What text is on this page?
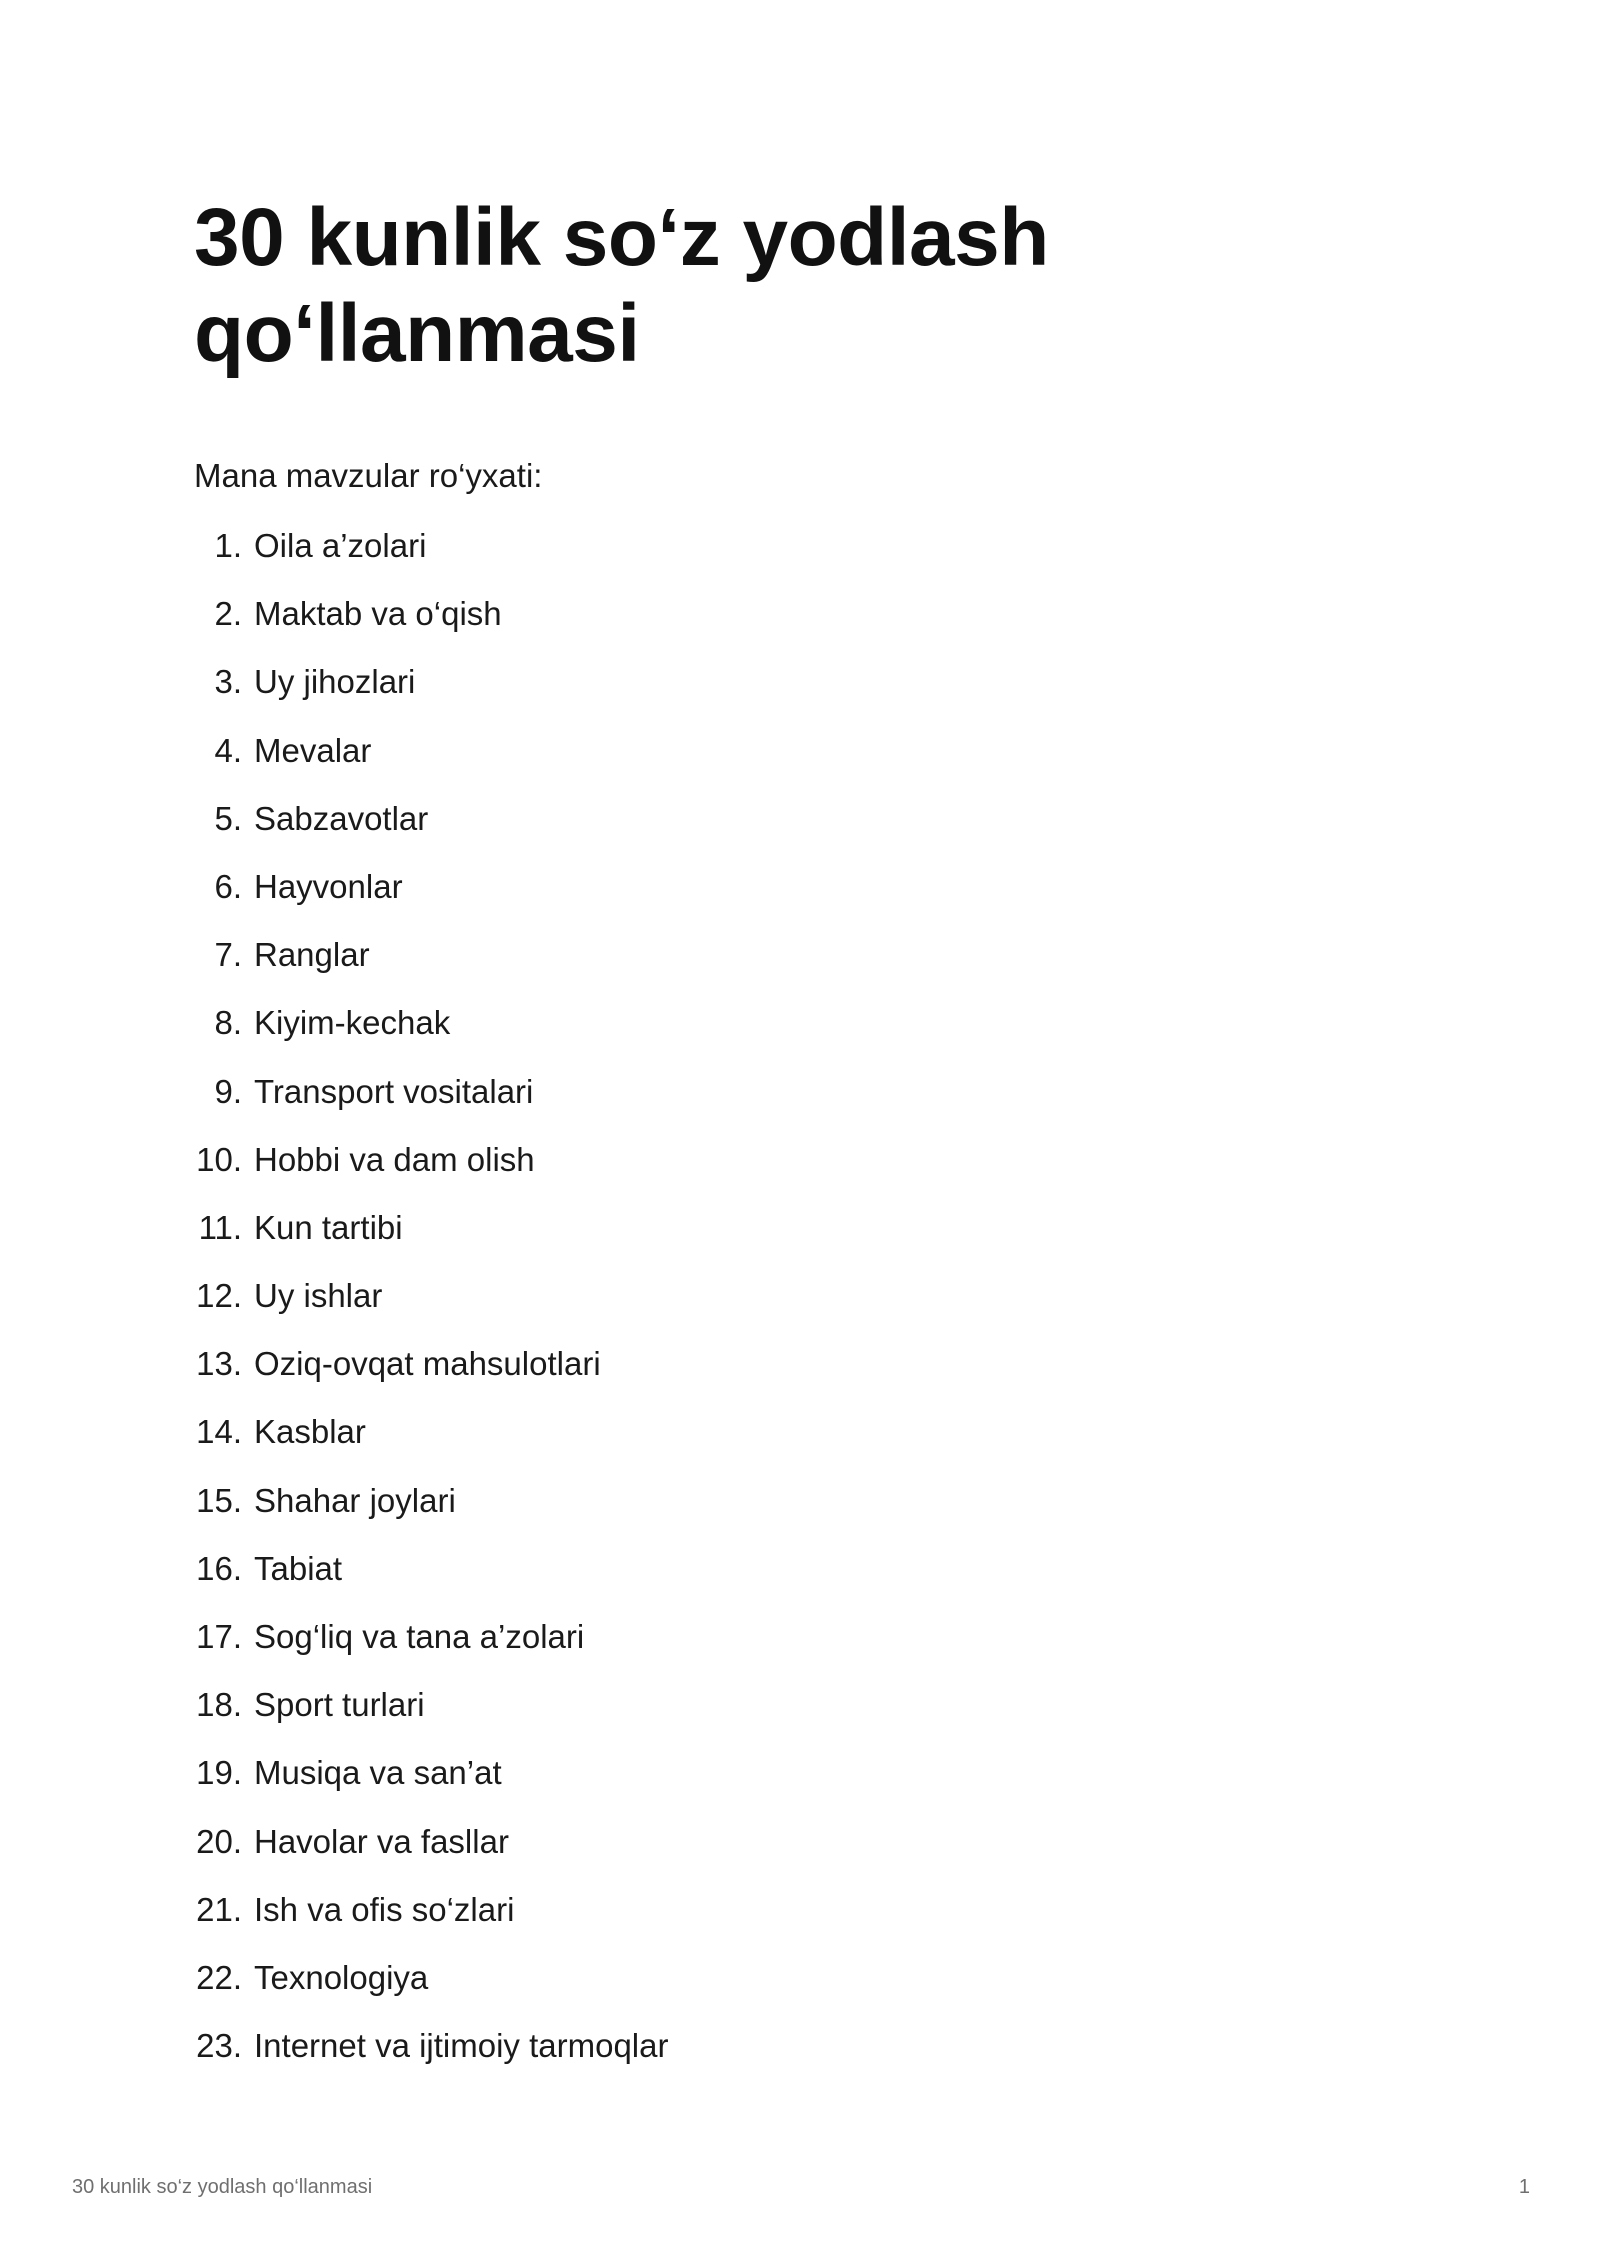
30 kunlik so‘z yodlash qo‘llanmasi
Mana mavzular ro‘yxati:
1. Oila a’zolari
2. Maktab va o‘qish
3. Uy jihozlari
4. Mevalar
5. Sabzavotlar
6. Hayvonlar
7. Ranglar
8. Kiyim-kechak
9. Transport vositalari
10. Hobbi va dam olish
11. Kun tartibi
12. Uy ishlar
13. Oziq-ovqat mahsulotlari
14. Kasblar
15. Shahar joylari
16. Tabiat
17. Sog‘liq va tana a’zolari
18. Sport turlari
19. Musiqa va san’at
20. Havolar va fasllar
21. Ish va ofis so‘zlari
22. Texnologiya
23. Internet va ijtimoiy tarmoqlar
30 kunlik so‘z yodlash qo‘llanmasi	1
